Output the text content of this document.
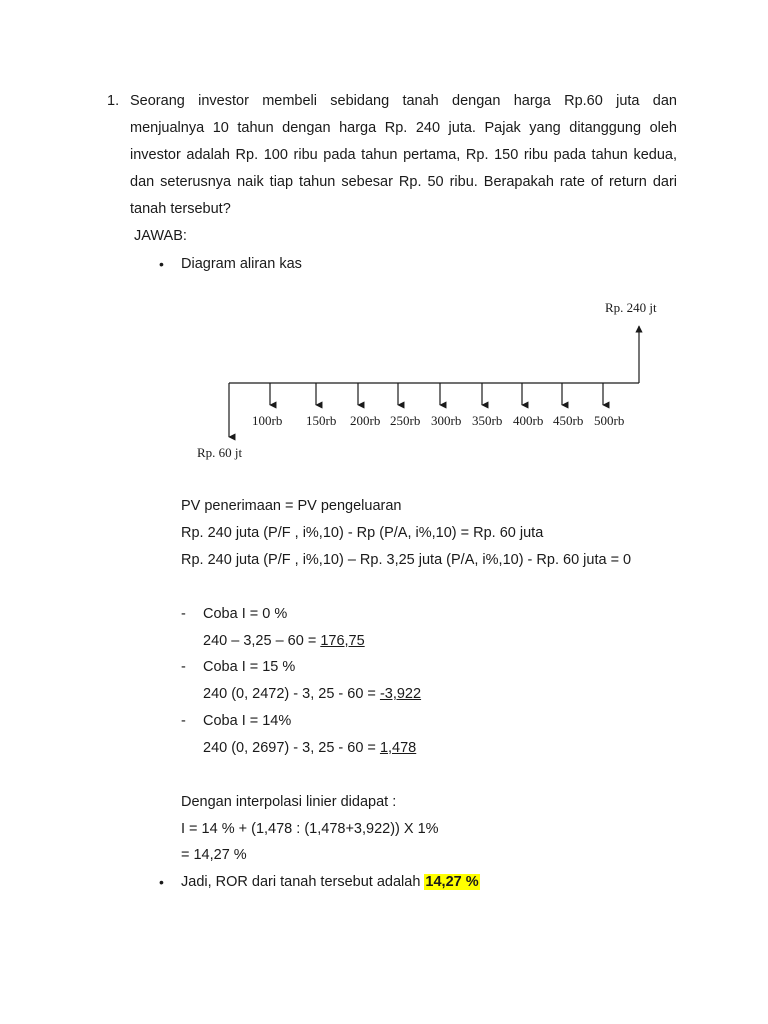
1. Seorang investor membeli sebidang tanah dengan harga Rp.60 juta dan
menjualnya 10 tahun dengan harga Rp. 240 juta. Pajak yang ditanggung oleh
investor adalah Rp. 100 ribu pada tahun pertama, Rp. 150 ribu pada tahun kedua,
dan seterusnya naik tiap tahun sebesar Rp. 50 ribu. Berapakah rate of return dari
tanah tersebut?
JAWAB:
• Diagram aliran kas
Rp. 240 jt
Rp. 60 jt
100rb 150rb 200rb 250rb 300rb 350rb 400rb 450rb 500rb
PV penerimaan = PV pengeluaran
Rp. 240 juta (P/F , i%,10) - Rp (P/A, i%,10) = Rp. 60 juta
Rp. 240 juta (P/F , i%,10) – Rp. 3,25 juta (P/A, i%,10) - Rp. 60 juta = 0
- Coba I = 0 %
240 – 3,25 – 60 = 176,75
- Coba I = 15 %
240 (0, 2472) - 3, 25 - 60 = -3,922
- Coba I = 14%
240 (0, 2697) - 3, 25 - 60 = 1,478
Dengan interpolasi linier didapat :
I = 14 % + (1,478 : (1,478+3,922)) X 1%
= 14,27 %
• Jadi, ROR dari tanah tersebut adalah 14,27 %
